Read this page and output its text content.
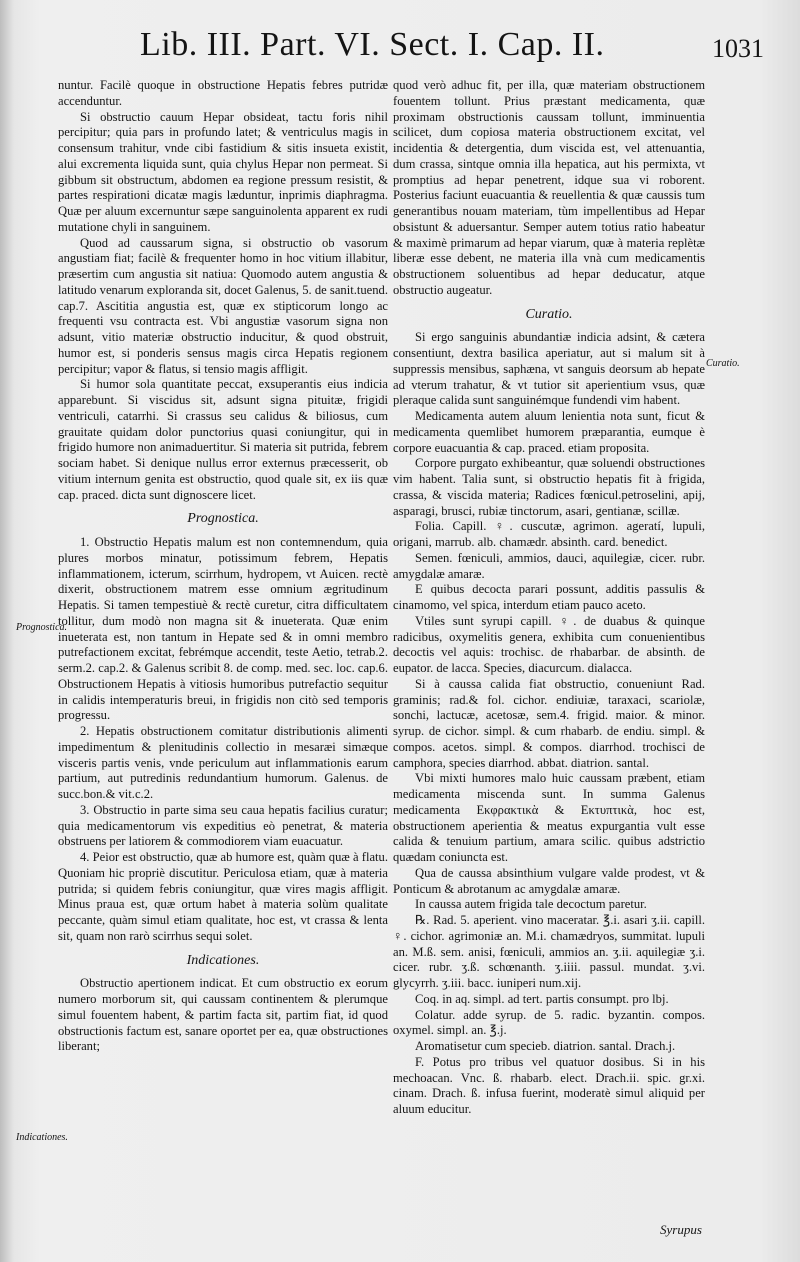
Lib. III. Part. VI. Sect. I. Cap. II.	1031

nuntur. Facilè quoque in obstructione Hepatis febres putridæ accenduntur.

Si obstructio cauum Hepar obsideat, tactu foris nihil percipitur; quia pars in profundo latet; & ventriculus magis in consensum trahitur, vnde cibi fastidium & sitis insueta existit, alui excrementa liquida sunt, quia chylus Hepar non permeat. Si gibbum sit obstructum, abdomen ea regione pressum resistit, & partes respirationi dicatæ magis læduntur, inprimis diaphragma. Quæ per aluum excernuntur sæpe sanguinolenta apparent ex rudi mutatione chyli in sanguinem.

Quod ad caussarum signa, si obstructio ob vasorum angustiam fiat; facilè & frequenter homo in hoc vitium illabitur, præsertim cum angustia sit natiua: Quomodo autem angustia & latitudo venarum exploranda sit, docet Galenus, 5. de sanit.tuend. cap.7. Ascititia angustia est, quæ ex stipticorum longo ac frequenti vsu contracta est. Vbi angustiæ vasorum signa non adsunt, vitio materiæ obstructio inducitur, & quod obstruit, humor est, si ponderis sensus magis circa Hepatis regionem percipitur; vapor & flatus, si tensio magis affligit.

Si humor sola quantitate peccat, exsuperantis eius indicia apparebunt. Si viscidus sit, adsunt signa pituitæ, frigidi ventriculi, catarrhi. Si crassus seu calidus & biliosus, cum grauitate quidam dolor punctorius quasi coniungitur, qui in frigido humore non animaduertitur. Si materia sit putrida, febrem sociam habet. Si denique nullus error externus præcesserit, ob vitium internum genita est obstructio, quod quale sit, ex iis quæ cap. praced. dicta sunt dignoscere licet.

Prognostica.

1. Obstructio Hepatis malum est non contemnendum, quia plures morbos minatur, potissimum febrem, Hepatis inflammationem, icterum, scirrhum, hydropem, vt Auicen. rectè dixerit, obstructionem matrem esse omnium ægritudinum Hepatis. Si tamen tempestiuè & rectè curetur, citra difficultatem tollitur, dum modò non magna sit & inueterata. Quæ enim inueterata est, non tantum in Hepate sed & in omni membro putrefactionem excitat, febrémque accendit, teste Aetio, tetrab.2. serm.2. cap.2. & Galenus scribit 8. de comp. med. sec. loc. cap.6. Obstructionem Hepatis à vitiosis humoribus putrefactio sequitur in calidis intemperaturis breui, in frigidis non citò sed temporis progressu.

2. Hepatis obstructionem comitatur distributionis alimenti impedimentum & plenitudinis collectio in mesaræi simæque visceris partis venis, vnde periculum aut inflammationis earum partium, aut putredinis redundantium humorum. Galenus. de succ.bon.& vit.c.2.

3. Obstructio in parte sima seu caua hepatis facilius curatur; quia medicamentorum vis expeditius eò penetrat, & materia obstruens per latiorem & commodiorem viam euacuatur.

4. Peior est obstructio, quæ ab humore est, quàm quæ à flatu. Quoniam hic propriè discutitur. Periculosa etiam, quæ à materia putrida; si quidem febris coniungitur, quæ vires magis affligit. Minus praua est, quæ ortum habet à materia solùm qualitate peccante, quàm simul etiam qualitate, hoc est, vt crassa & lenta sit, quam non rarò scirrhus sequi solet.

Indicationes.

Obstructio apertionem indicat. Et cum obstructio ex eorum numero morborum sit, qui caussam continentem & plerumque simul fouentem habent, & partim facta sit, partim fiat, id quod obstructionis factum est, sanare oportet per ea, quæ obstructiones liberant;

quod verò adhuc fit, per illa, quæ materiam obstructionem fouentem tollunt. Prius præstant medicamenta, quæ proximam obstructionis caussam tollunt, imminuentia scilicet, dum copiosa materia obstructionem excitat, vel incidentia & detergentia, dum viscida est, vel attenuantia, dum crassa, sintque omnia illa hepatica, aut his permixta, vt promptius ad hepar penetrent, idque sua vi roborent. Posterius faciunt euacuantia & reuellentia & quæ caussis tum generantibus nouam materiam, tùm impellentibus ad Hepar obsistunt & aduersantur. Semper autem totius ratio habeatur & maximè primarum ad hepar viarum, quæ à materia replètæ liberæ esse debent, ne materia illa vnà cum medicamentis obstructionem soluentibus ad hepar deducatur, atque obstructio augeatur.

Curatio.

Si ergo sanguinis abundantiæ indicia adsint, & cætera consentiunt, dextra basilica aperiatur, aut si malum sit à suppressis mensibus, saphæna, vt sanguis deorsum ab hepate ad vterum trahatur, & vt tutior sit aperientium vsus, quæ pleraque calida sunt sanguinémque fundendi vim habent.

Medicamenta autem aluum lenientia nota sunt, ficut & medicamenta quemlibet humorem præparantia, eumque è corpore euacuantia & cap. praced. etiam proposita.

Corpore purgato exhibeantur, quæ soluendi obstructiones vim habent. Talia sunt, si obstructio hepatis fit à frigida, crassa, & viscida materia; Radices fœnicul.petroselini, apij, asparagi, brusci, rubiæ tinctorum, asari, gentianæ, scillæ.

Folia. Capill. ♀. cuscutæ, agrimon. ageratí, lupuli, origani, marrub. alb. chamædr. absinth. card. benedict.

Semen. fœniculi, ammios, dauci, aquilegiæ, cicer. rubr. amygdalæ amaræ.

E quibus decocta parari possunt, additis passulis & cinamomo, vel spica, interdum etiam pauco aceto.

Vtiles sunt syrupi capill. ♀. de duabus & quinque radicibus, oxymelitis genera, exhibita cum conuenientibus decoctis vel aquis: trochisc. de rhabarbar. de absinth. de eupator. de lacca. Species, diacurcum. dialacca.

Si à caussa calida fiat obstructio, conueniunt Rad. graminis; rad.& fol. cichor. endiuiæ, taraxaci, scariolæ, sonchi, lactucæ, acetosæ, sem.4. frigid. maior. & minor. syrup. de cichor. simpl. & cum rhabarb. de endiu. simpl. & compos. acetos. simpl. & compos. diarrhod. trochisci de camphora, species diarrhod. abbat. diatrion. santal.

Vbi mixti humores malo huic caussam præbent, etiam medicamenta miscenda sunt. In summa Galenus medicamenta Εκφρακτικὰ & Εκτυπτικὰ, hoc est, obstructionem aperientia & meatus expurgantia vult esse calida & tenuium partium, amara scilic. quibus adstrictio quædam coniuncta est.

Qua de caussa absinthium vulgare valde prodest, vt & Ponticum & abrotanum ac amygdalæ amaræ.

In caussa autem frigida tale decoctum paretur.

℞. Rad. 5. aperient. vino maceratar. ℥.i. asari ʒ.ii. capill. ♀. cichor. agrimoniæ an. M.i. chamædryos, summitat. lupuli an. M.ß. sem. anisi, fœniculi, ammios an. ʒ.ii. aquilegiæ ʒ.i. cicer. rubr. ʒ.ß. schœnanth. ʒ.iiii. passul. mundat. ʒ.vi. glycyrrh. ʒ.iii. bacc. iuniperi num.xij.

Coq. in aq. simpl. ad tert. partis consumpt. pro lbj.

Colatur. adde syrup. de 5. radic. byzantin. compos. oxymel. simpl. an. ℥.j.

Aromatisetur cum specieb. diatrion. santal. Drach.j.

F. Potus pro tribus vel quatuor dosibus. Si in his mechoacan. Vnc. ß. rhabarb. elect. Drach.ii. spic. gr.xi. cinam. Drach. ß. infusa fuerint, moderatè simul aliquid per aluum educitur.

Curatio.
Prognostica.
Indicationes.
Syrupus
